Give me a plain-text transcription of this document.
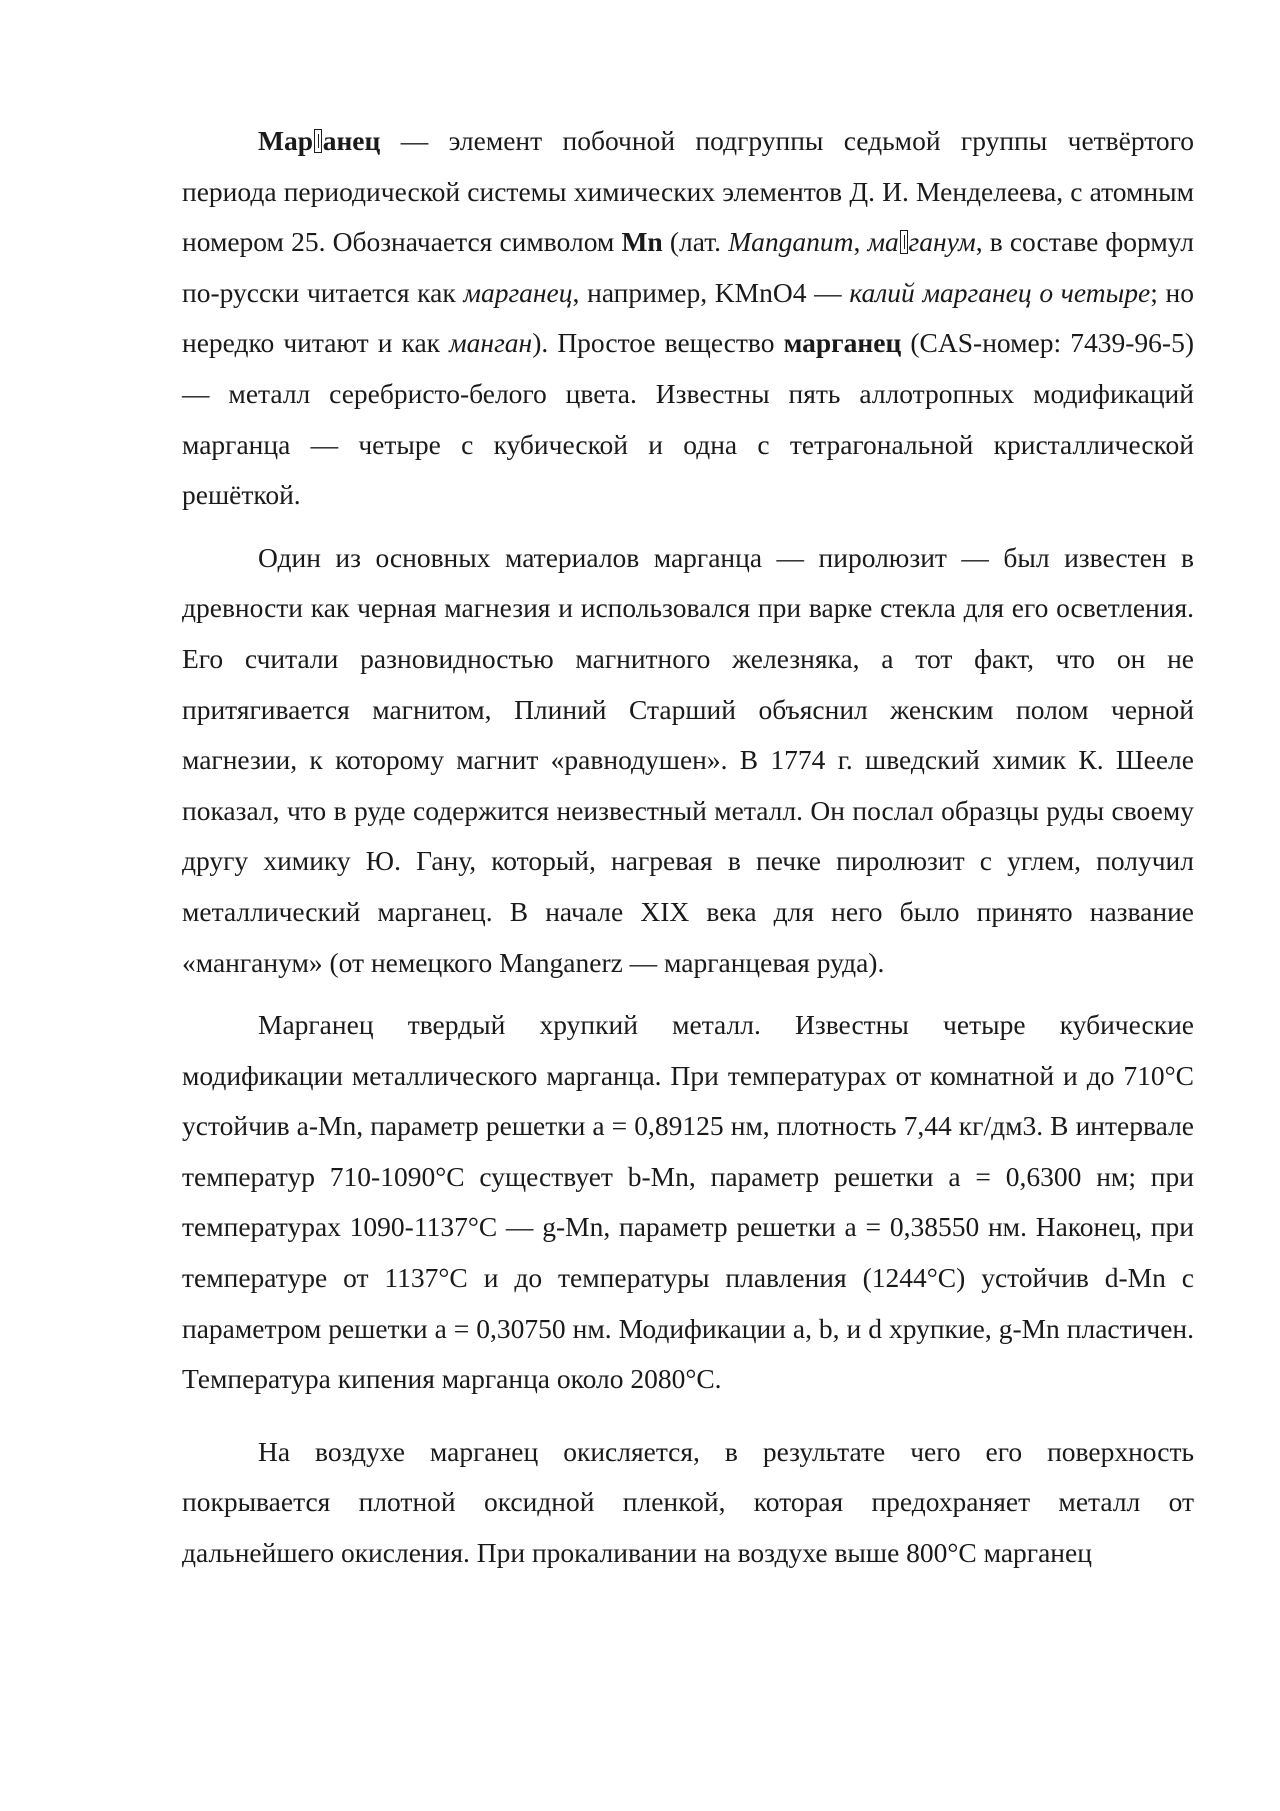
Мар анец — элемент побочной подгруппы седьмой группы четвёртого периода периодической системы химических элементов Д. И. Менделеева, с атомным номером 25. Обозначается символом Mn (лат. Manganum, ма ганум, в составе формул по-русски читается как марганец, например, KMnO4 — калий марганец о четыре; но нередко читают и как манган). Простое вещество марганец (CAS-номер: 7439-96-5) — металл серебристо-белого цвета. Известны пять аллотропных модификаций марганца — четыре с кубической и одна с тетрагональной кристаллической решёткой.

Один из основных материалов марганца — пиролюзит — был известен в древности как черная магнезия и использовался при варке стекла для его осветления. Его считали разновидностью магнитного железняка, а тот факт, что он не притягивается магнитом, Плиний Старший объяснил женским полом черной магнезии, к которому магнит «равнодушен». В 1774 г. шведский химик К. Шееле показал, что в руде содержится неизвестный металл. Он послал образцы руды своему другу химику Ю. Гану, который, нагревая в печке пиролюзит с углем, получил металлический марганец. В начале XIX века для него было принято название «манганум» (от немецкого Manganerz — марганцевая руда).

Марганец твердый хрупкий металл. Известны четыре кубические модификации металлического марганца. При температурах от комнатной и до 710°С устойчив a-Mn, параметр решетки а = 0,89125 нм, плотность 7,44 кг/дм3. В интервале температур 710-1090°С существует b-Mn, параметр решетки а = 0,6300 нм; при температурах 1090-1137°С — g-Mn, параметр решетки а = 0,38550 нм. Наконец, при температуре от 1137°С и до температуры плавления (1244°С) устойчив d-Mn с параметром решетки а = 0,30750 нм. Модификации a, b, и d хрупкие, g-Mn пластичен. Температура кипения марганца около 2080°С.

На воздухе марганец окисляется, в результате чего его поверхность покрывается плотной оксидной пленкой, которая предохраняет металл от дальнейшего окисления. При прокаливании на воздухе выше 800°С марганец
